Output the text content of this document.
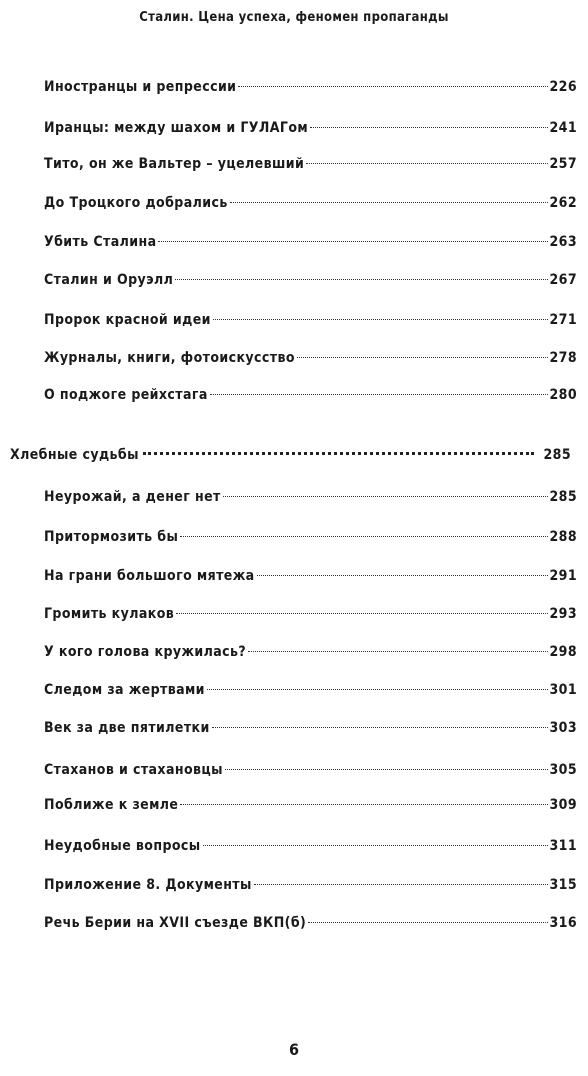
Сталин. Цена успеха, феномен пропаганды
Иностранцы и репрессии	226
Иранцы: между шахом и ГУЛАГом	241
Тито, он же Вальтер – уцелевший	257
До Троцкого добрались	262
Убить Сталина	263
Сталин и Оруэлл	267
Пророк красной идеи	271
Журналы, книги, фотоискусство	278
О поджоге рейхстага	280
Хлебные судьбы	285
Неурожай, а денег нет	285
Притормозить бы	288
На грани большого мятежа	291
Громить кулаков	293
У кого голова кружилась?	298
Следом за жертвами	301
Век за две пятилетки	303
Стаханов и стахановцы	305
Поближе к земле	309
Неудобные вопросы	311
Приложение 8. Документы	315
Речь Берии на XVII съезде ВКП(б)	316
6
